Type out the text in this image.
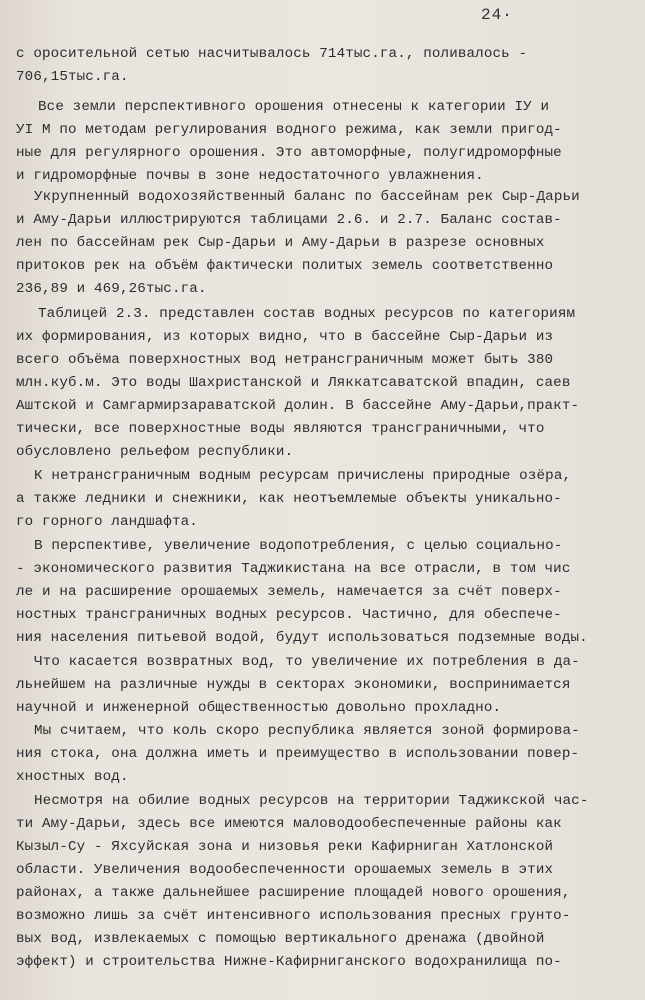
24·
с оросительной сетью насчитывалось 714тыс.га., поливалось -
706,15тыс.га.
Все земли перспективного орошения отнесены к категории IУ и
УI М по методам регулирования водного режима, как земли пригод-
ные для регулярного орошения. Это автоморфные, полугидроморфные
и гидроморфные почвы в зоне недостаточного увлажнения.
Укрупненный водохозяйственный баланс по бассейнам рек Сыр-Дарьи
и Аму-Дарьи иллюстрируются таблицами 2.6. и 2.7. Баланс состав-
лен по бассейнам рек Сыр-Дарьи и Аму-Дарьи в разрезе основных
притоков рек на объём фактически политых земель соответственно
236,89 и 469,26тыс.га.
Таблицей 2.3. представлен состав водных ресурсов по категориям
их формирования, из которых видно, что в бассейне Сыр-Дарьи из
всего объёма поверхностных вод нетрансграничным может быть 380
млн.куб.м. Это воды Шахристанской и Ляккатсаватской впадин, саев
Аштской и Самгармирзараватской долин. В бассейне Аму-Дарьи,практ-
тически, все поверхностные воды являются трансграничными, что
обусловлено рельефом республики.
К нетрансграничным водным ресурсам причислены природные озёра,
а также ледники и снежники, как неотъемлемые объекты уникально-
го горного ландшафта.
В перспективе, увеличение водопотребления, с целью социально-
- экономического развития Таджикистана на все отрасли, в том чис
ле и на расширение орошаемых земель, намечается за счёт поверх-
ностных трансграничных водных ресурсов. Частично, для обеспече-
ния населения питьевой водой, будут использоваться подземные воды.
Что касается возвратных вод, то увеличение их потребления в да-
льнейшем на различные нужды в секторах экономики, воспринимается
научной и инженерной общественностью довольно прохладно.
Мы считаем, что коль скоро республика является зоной формирова-
ния стока, она должна иметь и преимущество в использовании повер-
хностных вод.
Несмотря на обилие водных ресурсов на территории Таджикской час-
ти Аму-Дарьи, здесь все имеются маловодообеспеченные районы как
Кызыл-Су - Яхсуйская зона и низовья реки Кафирниган Хатлонской
области. Увеличения водообеспеченности орошаемых земель в этих
районах, а также дальнейшее расширение площадей нового орошения,
возможно лишь за счёт интенсивного использования пресных грунто-
вых вод, извлекаемых с помощью вертикального дренажа (двойной
эффект) и строительства Нижне-Кафирниганского водохранилища по-
